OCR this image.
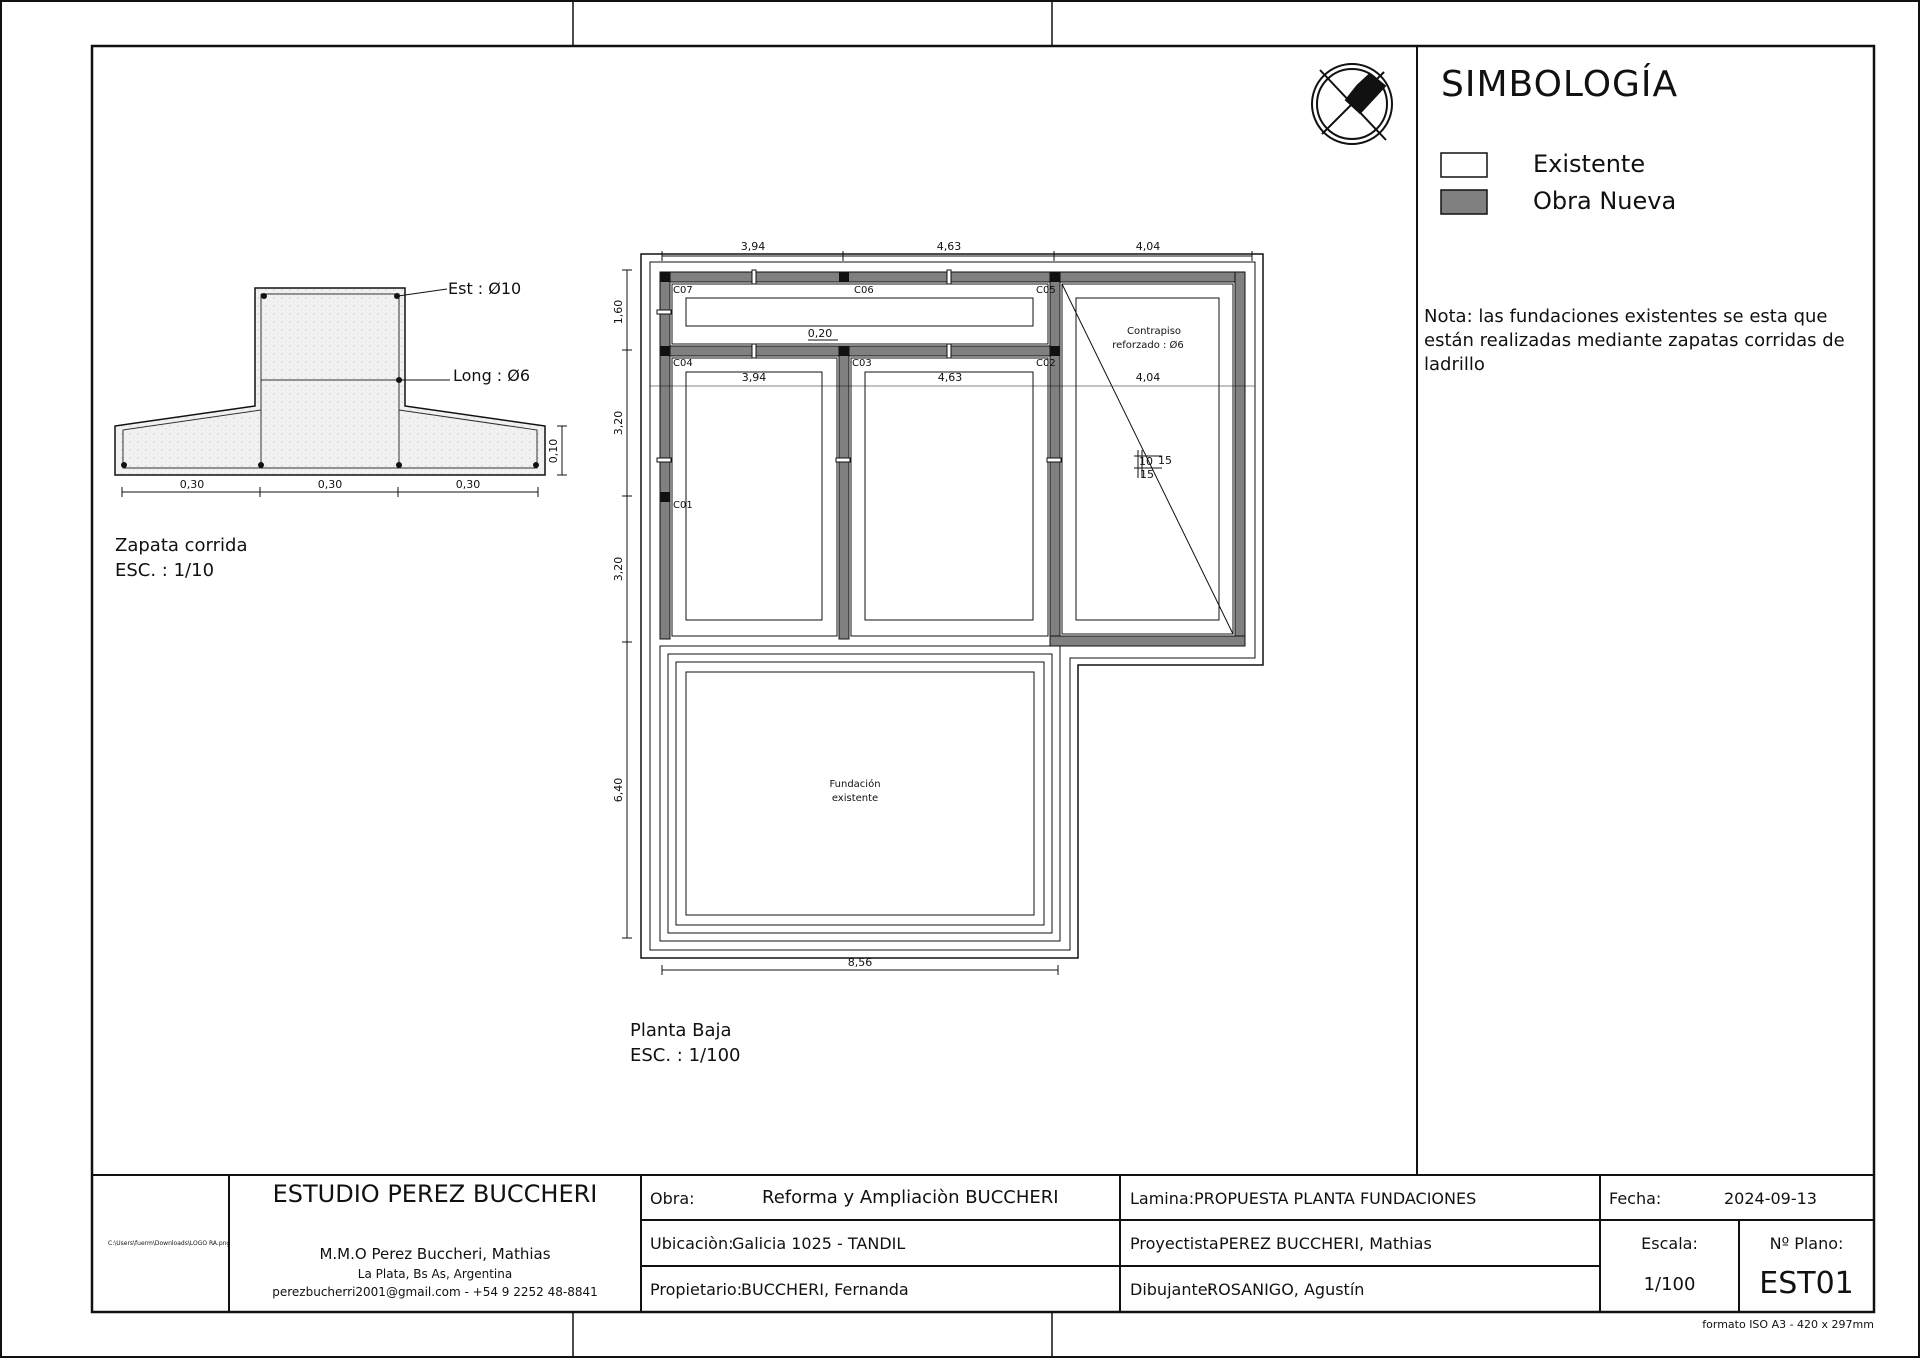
0,30	0,30	0,30
0,10
Est : Ø10
Long : Ø6
3,94	4,63	4,04
1,60
3,20
3,20
6,40
8,56
0,20
3,94	4,63	4,04
C07	C06	C05
C04	C03	C02
C01
Contrapiso
reforzado : Ø6
Fundación
existente
10 15
15
SIMBOLOGÍA
Existente
Obra Nueva
Nota: las fundaciones existentes se esta que están realizadas mediante zapatas corridas de ladrillo
Zapata corrida
ESC. : 1/10
Planta Baja
ESC. : 1/100
C:\Users\fuerm\Downloads\LOGO RA.png
ESTUDIO PEREZ BUCCHERI
M.M.O Perez Buccheri, Mathias
La Plata, Bs As, Argentina
perezbucherri2001@gmail.com - +54 9 2252 48-8841
Obra:	Reforma y Ampliaciòn BUCCHERI
Ubicaciòn:
Galicia 1025 - TANDIL
Propietario:
BUCCHERI, Fernanda
Lamina: PROPUESTA PLANTA FUNDACIONES
Proyectista:
PEREZ BUCCHERI, Mathias
Dibujante:
ROSANIGO, Agustín
Fecha:	2024-09-13
Escala:
1/100
Nº Plano:
EST01
formato ISO A3 - 420 x 297mm
